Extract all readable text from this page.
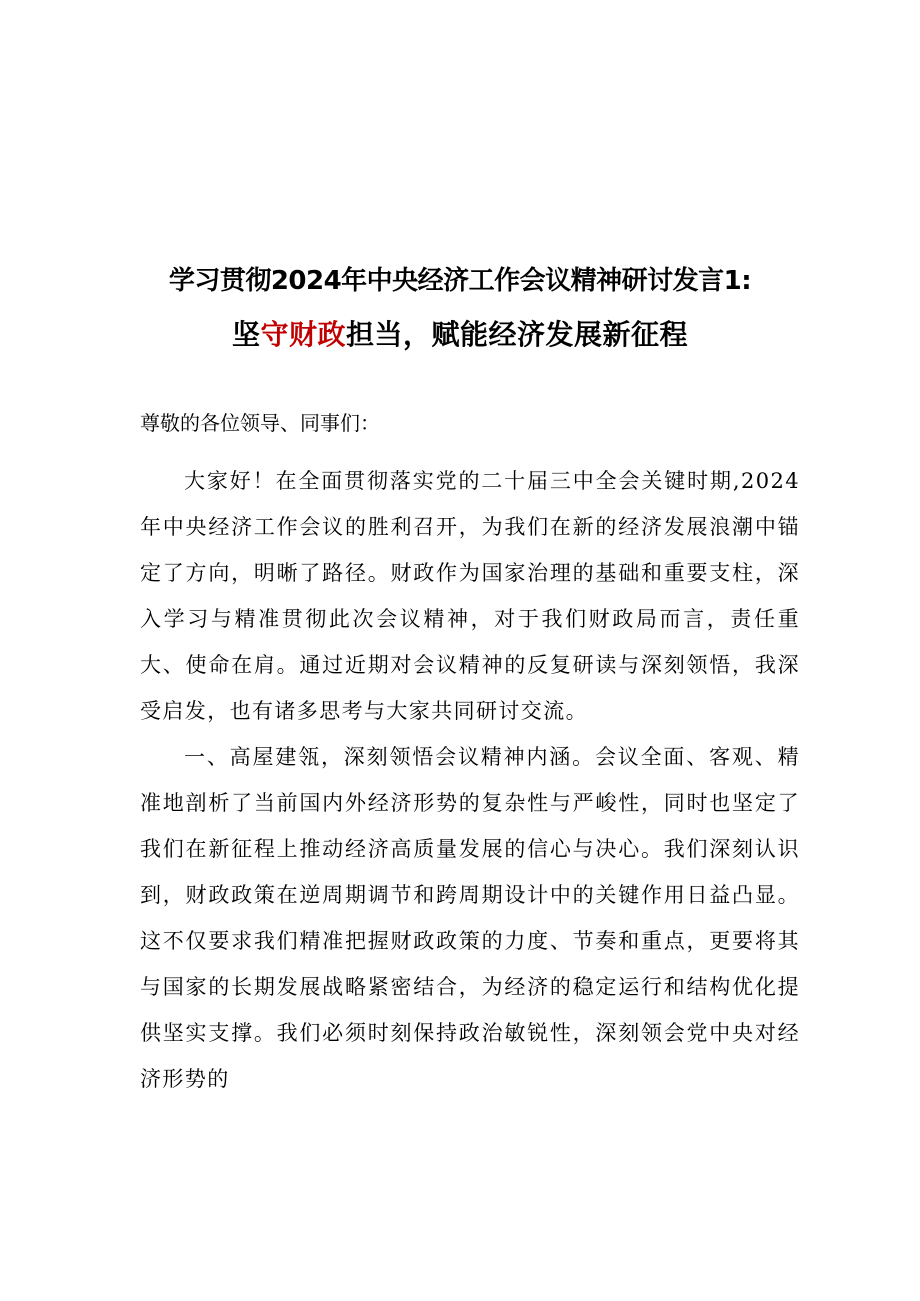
学习贯彻2024年中央经济工作会议精神研讨发言1:
坚守财政担当，赋能经济发展新征程

尊敬的各位领导、同事们：

大家好！在全面贯彻落实党的二十届三中全会关键时期,2024年中央经济工作会议的胜利召开，为我们在新的经济发展浪潮中锚定了方向，明晰了路径。财政作为国家治理的基础和重要支柱，深入学习与精准贯彻此次会议精神，对于我们财政局而言，责任重大、使命在肩。通过近期对会议精神的反复研读与深刻领悟，我深受启发，也有诸多思考与大家共同研讨交流。

一、高屋建瓴，深刻领悟会议精神内涵。会议全面、客观、精准地剖析了当前国内外经济形势的复杂性与严峻性，同时也坚定了我们在新征程上推动经济高质量发展的信心与决心。我们深刻认识到，财政政策在逆周期调节和跨周期设计中的关键作用日益凸显。这不仅要求我们精准把握财政政策的力度、节奏和重点，更要将其与国家的长期发展战略紧密结合，为经济的稳定运行和结构优化提供坚实支撑。我们必须时刻保持政治敏锐性，深刻领会党中央对经济形势的
